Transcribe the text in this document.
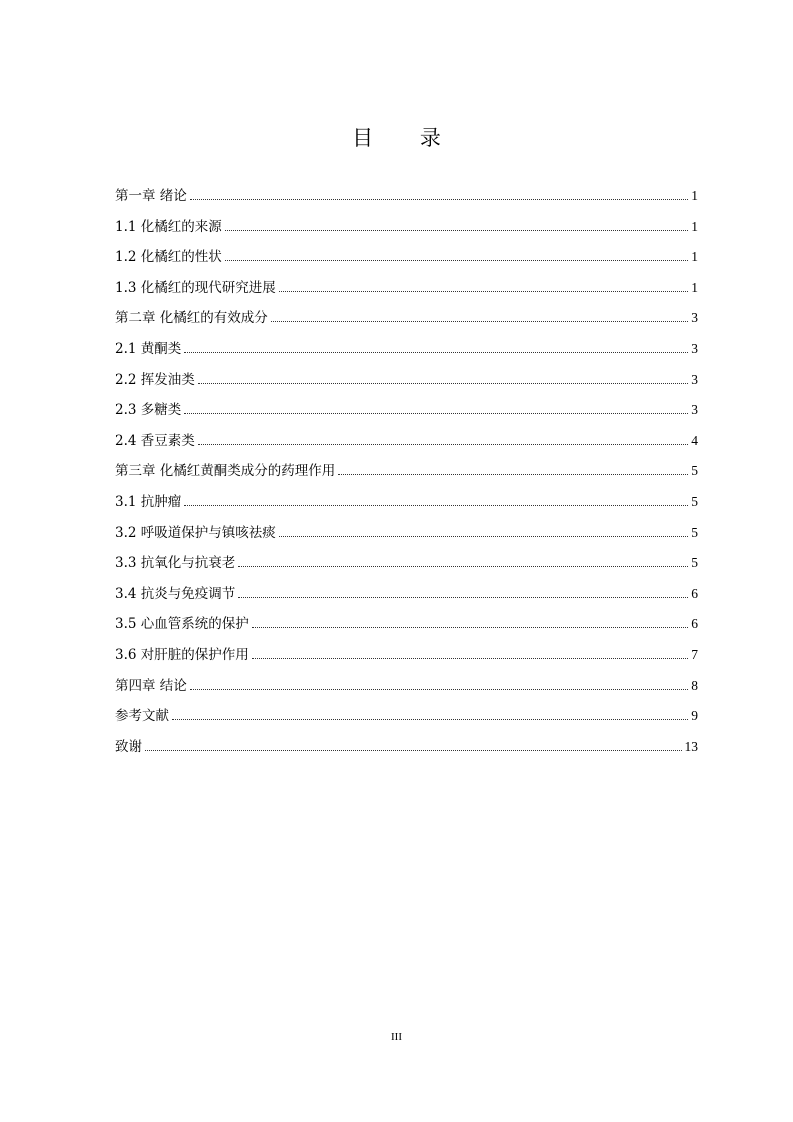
目 录
第一章 绪论	1
1.1 化橘红的来源	1
1.2 化橘红的性状	1
1.3 化橘红的现代研究进展	1
第二章 化橘红的有效成分	3
2.1 黄酮类	3
2.2 挥发油类	3
2.3 多糖类	3
2.4 香豆素类	4
第三章 化橘红黄酮类成分的药理作用	5
3.1 抗肿瘤	5
3.2 呼吸道保护与镇咳祛痰	5
3.3 抗氧化与抗衰老	5
3.4 抗炎与免疫调节	6
3.5 心血管系统的保护	6
3.6 对肝脏的保护作用	7
第四章 结论	8
参考文献	9
致谢	13
III
